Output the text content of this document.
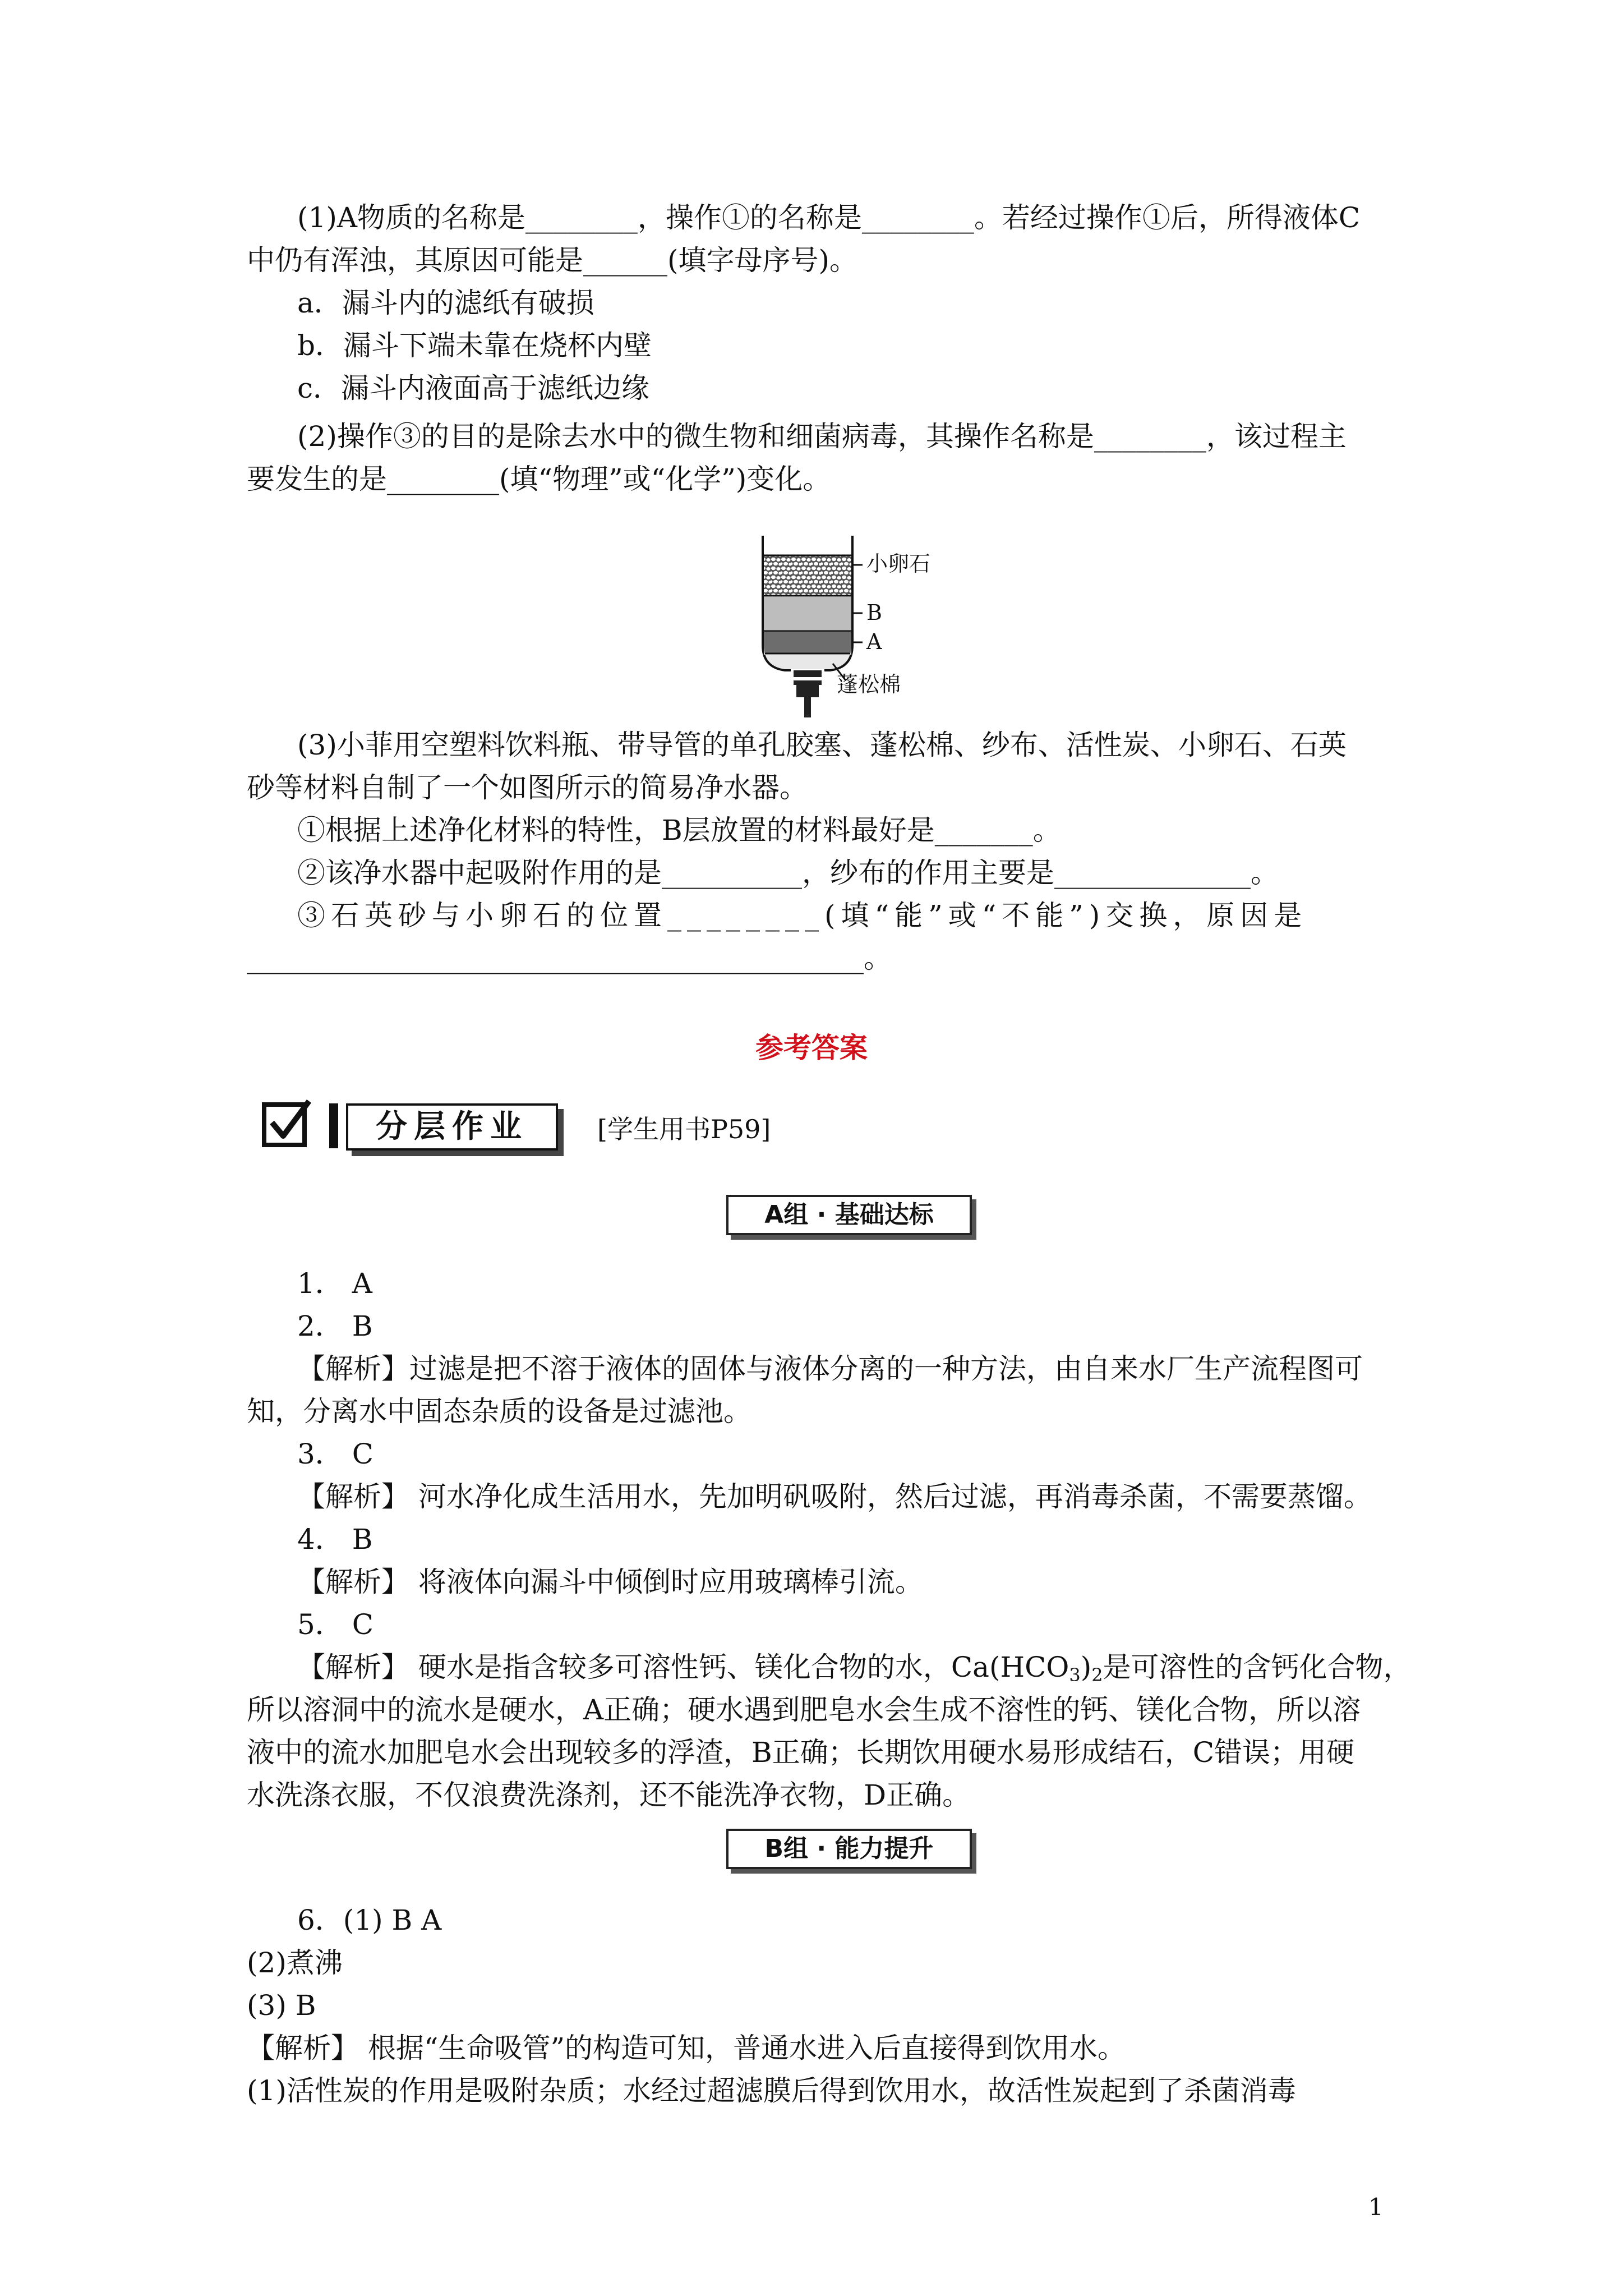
(1)A物质的名称是________，操作①的名称是________。若经过操作①后，所得液体C
中仍有浑浊，其原因可能是______(填字母序号)。
a．漏斗内的滤纸有破损
b．漏斗下端未靠在烧杯内壁
c．漏斗内液面高于滤纸边缘
(2)操作③的目的是除去水中的微生物和细菌病毒，其操作名称是________，该过程主
要发生的是________(填“物理”或“化学”)变化。
小卵石
B
A
蓬松棉
(3)小菲用空塑料饮料瓶、带导管的单孔胶塞、蓬松棉、纱布、活性炭、小卵石、石英
砂等材料自制了一个如图所示的简易净水器。
①根据上述净化材料的特性，B层放置的材料最好是_______。
②该净水器中起吸附作用的是__________，纱布的作用主要是______________。
③石英砂与小卵石的位置________(填“能”或“不能”)交换，原因是
____________________________________________。
参考答案
分层作业	[学生用书P59]
A组 · 基础达标
1． A
2． B
【解析】过滤是把不溶于液体的固体与液体分离的一种方法，由自来水厂生产流程图可
知，分离水中固态杂质的设备是过滤池。
3． C
【解析】 河水净化成生活用水，先加明矾吸附，然后过滤，再消毒杀菌，不需要蒸馏。
4． B
【解析】 将液体向漏斗中倾倒时应用玻璃棒引流。
5． C
【解析】 硬水是指含较多可溶性钙、镁化合物的水，$Ca(HCO_3)_2$是可溶性的含钙化合物，
所以溶洞中的流水是硬水，A正确；硬水遇到肥皂水会生成不溶性的钙、镁化合物，所以溶
液中的流水加肥皂水会出现较多的浮渣，B正确；长期饮用硬水易形成结石，C错误；用硬
水洗涤衣服，不仅浪费洗涤剂，还不能洗净衣物，D正确。
B组 · 能力提升
6．(1) B A
(2)煮沸
(3) B
【解析】 根据“生命吸管”的构造可知，普通水进入后直接得到饮用水。
(1)活性炭的作用是吸附杂质；水经过超滤膜后得到饮用水，故活性炭起到了杀菌消毒
1
